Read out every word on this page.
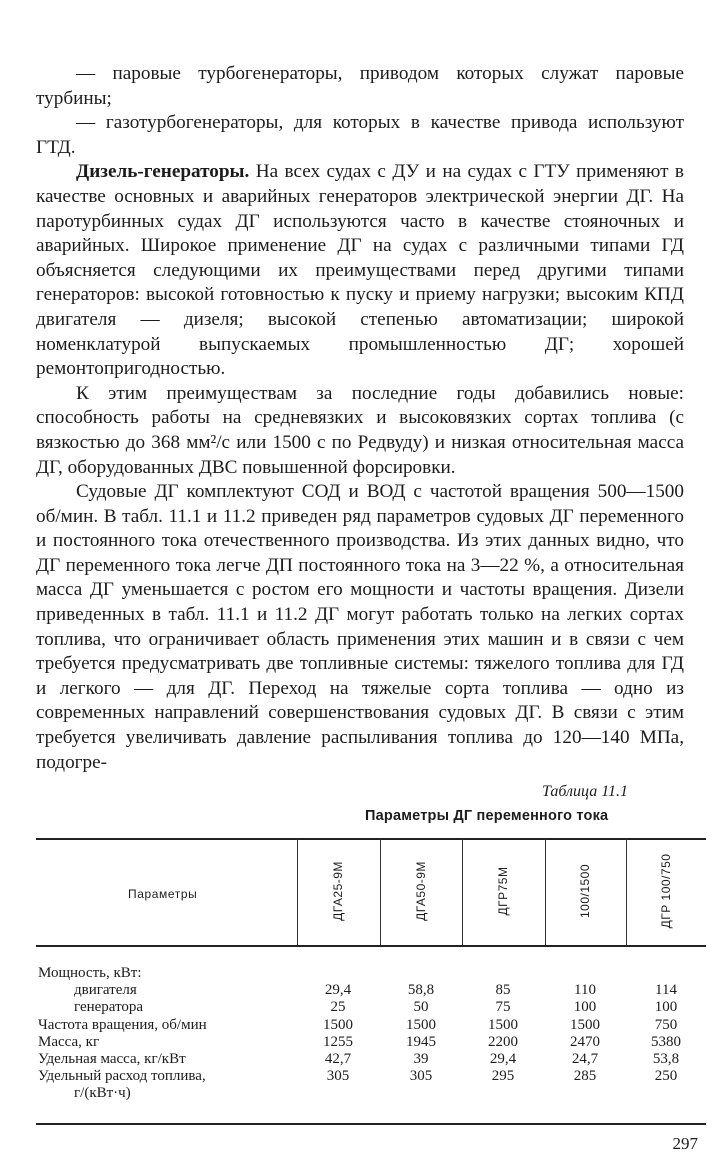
— паровые турбогенераторы, приводом которых служат паровые турбины;

— газотурбогенераторы, для которых в качестве привода используют ГТД.

Дизель-генераторы. На всех судах с ДУ и на судах с ГТУ применяют в качестве основных и аварийных генераторов электрической энергии ДГ. На паротурбинных судах ДГ используются часто в качестве стояночных и аварийных. Широкое применение ДГ на судах с различными типами ГД объясняется следующими их преимуществами перед другими типами генераторов: высокой готовностью к пуску и приему нагрузки; высоким КПД двигателя — дизеля; высокой степенью автоматизации; широкой номенклатурой выпускаемых промышленностью ДГ; хорошей ремонтопригодностью.

К этим преимуществам за последние годы добавились новые: способность работы на средневязких и высоковязких сортах топлива (с вязкостью до 368 мм²/с или 1500 с по Редвуду) и низкая относительная масса ДГ, оборудованных ДВС повышенной форсировки.

Судовые ДГ комплектуют СОД и ВОД с частотой вращения 500—1500 об/мин. В табл. 11.1 и 11.2 приведен ряд параметров судовых ДГ переменного и постоянного тока отечественного производства. Из этих данных видно, что ДГ переменного тока легче ДП постоянного тока на 3—22 %, а относительная масса ДГ уменьшается с ростом его мощности и частоты вращения. Дизели приведенных в табл. 11.1 и 11.2 ДГ могут работать только на легких сортах топлива, что ограничивает область применения этих машин и в связи с чем требуется предусматривать две топливные системы: тяжелого топлива для ГД и легкого — для ДГ. Переход на тяжелые сорта топлива — одно из современных направлений совершенствования судовых ДГ. В связи с этим требуется увеличивать давление распыливания топлива до 120—140 МПа, подогре-

Таблица 11.1
Параметры ДГ переменного тока
Параметры	ДГА25-9М	ДГА50-9М	ДГР75М	100/1500	ДГР 100/750
Мощность, кВт:
двигателя	29,4	58,8	85	110	114
генератора	25	50	75	100	100
Частота вращения, об/мин	1500	1500	1500	1500	750
Масса, кг	1255	1945	2200	2470	5380
Удельная масса, кг/кВт	42,7	39	29,4	24,7	53,8
Удельный расход топлива,	305	305	295	285	250
г/(кВт·ч)
297
